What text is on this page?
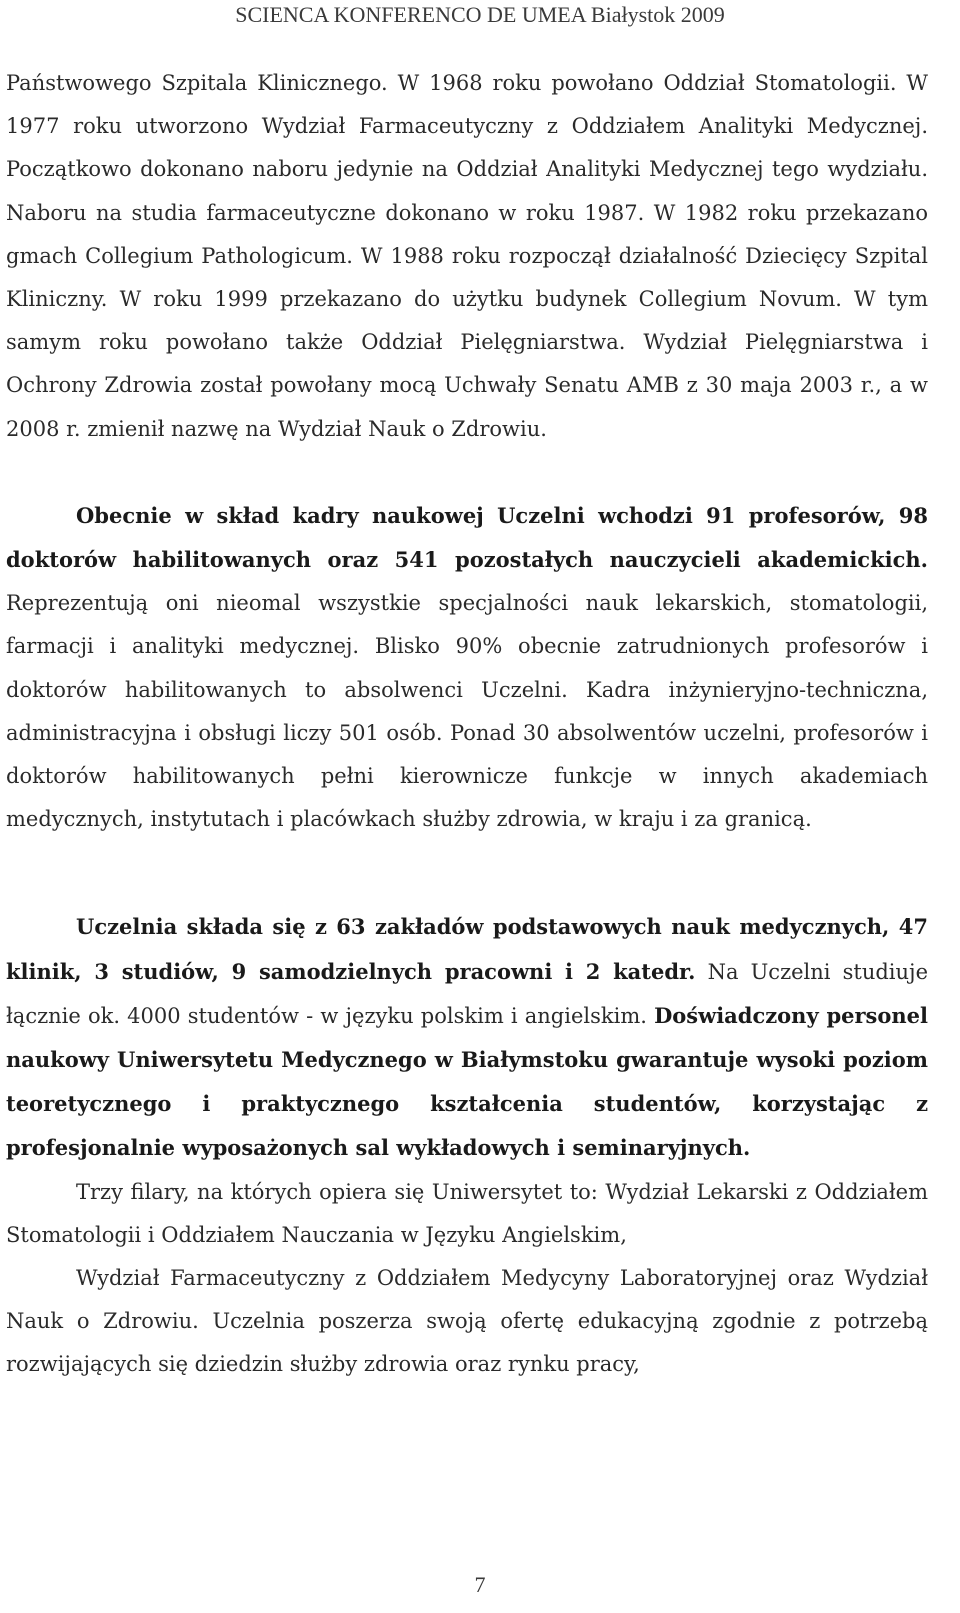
SCIENCA KONFERENCO DE UMEA Białystok 2009

Państwowego Szpitala Klinicznego. W 1968 roku powołano Oddział Stomatologii. W 1977 roku utworzono Wydział Farmaceutyczny z Oddziałem Analityki Medycznej. Początkowo dokonano naboru jedynie na Oddział Analityki Medycznej tego wydziału. Naboru na studia farmaceutyczne dokonano w roku 1987. W 1982 roku przekazano gmach Collegium Pathologicum. W 1988 roku rozpoczął działalność Dziecięcy Szpital Kliniczny. W roku 1999 przekazano do użytku budynek Collegium Novum. W tym samym roku powołano także Oddział Pielęgniarstwa. Wydział Pielęgniarstwa i Ochrony Zdrowia został powołany mocą Uchwały Senatu AMB z 30 maja 2003 r., a w 2008 r. zmienił nazwę na Wydział Nauk o Zdrowiu.

Obecnie w skład kadry naukowej Uczelni wchodzi 91 profesorów, 98 doktorów habilitowanych oraz 541 pozostałych nauczycieli akademickich. Reprezentują oni nieomal wszystkie specjalności nauk lekarskich, stomatologii, farmacji i analityki medycznej. Blisko 90% obecnie zatrudnionych profesorów i doktorów habilitowanych to absolwenci Uczelni. Kadra inżynieryjno-techniczna, administracyjna i obsługi liczy 501 osób. Ponad 30 absolwentów uczelni, profesorów i doktorów habilitowanych pełni kierownicze funkcje w innych akademiach medycznych, instytutach i placówkach służby zdrowia, w kraju i za granicą.

Uczelnia składa się z 63 zakładów podstawowych nauk medycznych, 47 klinik, 3 studiów, 9 samodzielnych pracowni i 2 katedr. Na Uczelni studiuje łącznie ok. 4000 studentów - w języku polskim i angielskim. Doświadczony personel naukowy Uniwersytetu Medycznego w Białymstoku gwarantuje wysoki poziom teoretycznego i praktycznego kształcenia studentów, korzystając z profesjonalnie wyposażonych sal wykładowych i seminaryjnych.

Trzy filary, na których opiera się Uniwersytet to: Wydział Lekarski z Oddziałem Stomatologii i Oddziałem Nauczania w Języku Angielskim,

Wydział Farmaceutyczny z Oddziałem Medycyny Laboratoryjnej oraz Wydział Nauk o Zdrowiu. Uczelnia poszerza swoją ofertę edukacyjną zgodnie z potrzebą rozwijających się dziedzin służby zdrowia oraz rynku pracy,

7
